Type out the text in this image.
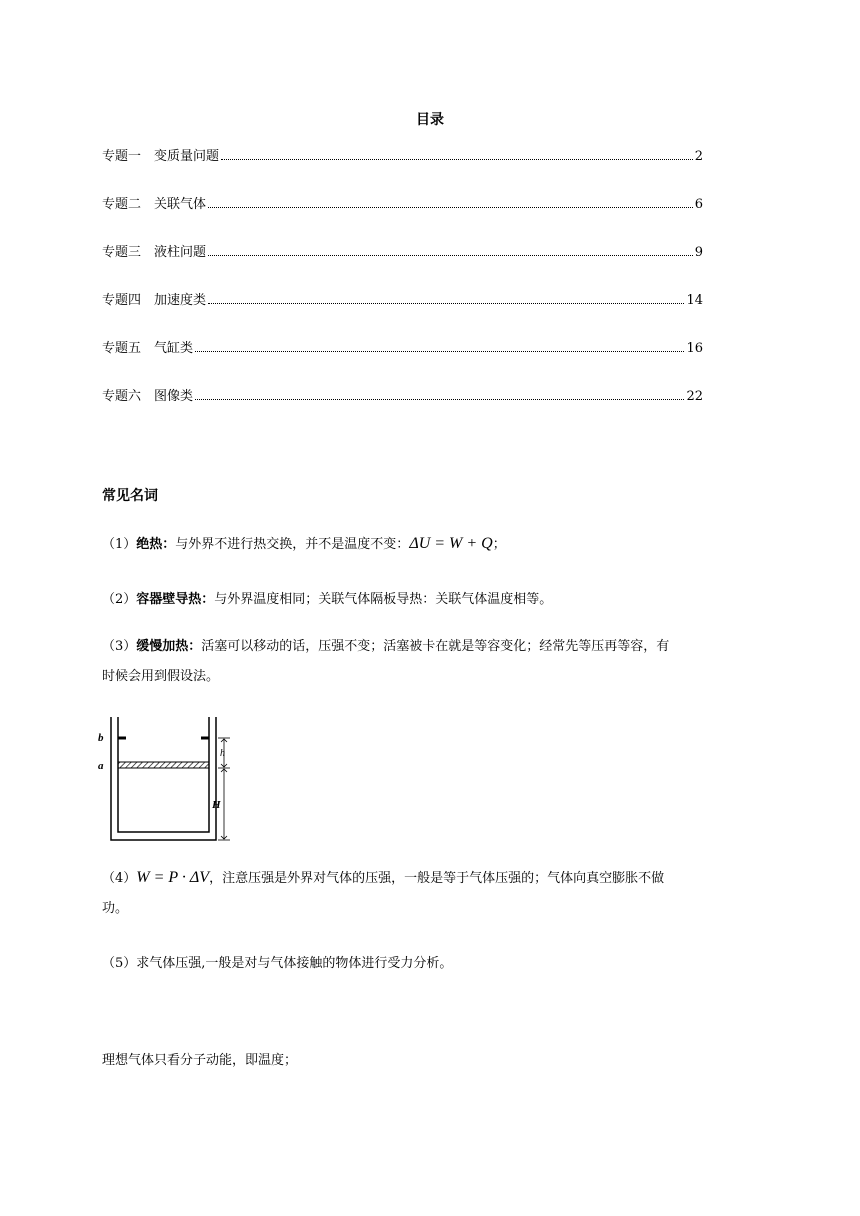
目录
专题一　变质量问题	2
专题二　关联气体	6
专题三　液柱问题	9
专题四　加速度类	14
专题五　气缸类	16
专题六　图像类	22
常见名词
（1）绝热：与外界不进行热交换，并不是温度不变：ΔU = W + Q；
（2）容器壁导热：与外界温度相同；关联气体隔板导热：关联气体温度相等。
（3）缓慢加热：活塞可以移动的话，压强不变；活塞被卡在就是等容变化；经常先等压再等容，有
时候会用到假设法。
b
a
h
H
（4）W = P · ΔV，注意压强是外界对气体的压强，一般是等于气体压强的；气体向真空膨胀不做
功。
（5）求气体压强,一般是对与气体接触的物体进行受力分析。
理想气体只看分子动能，即温度；
